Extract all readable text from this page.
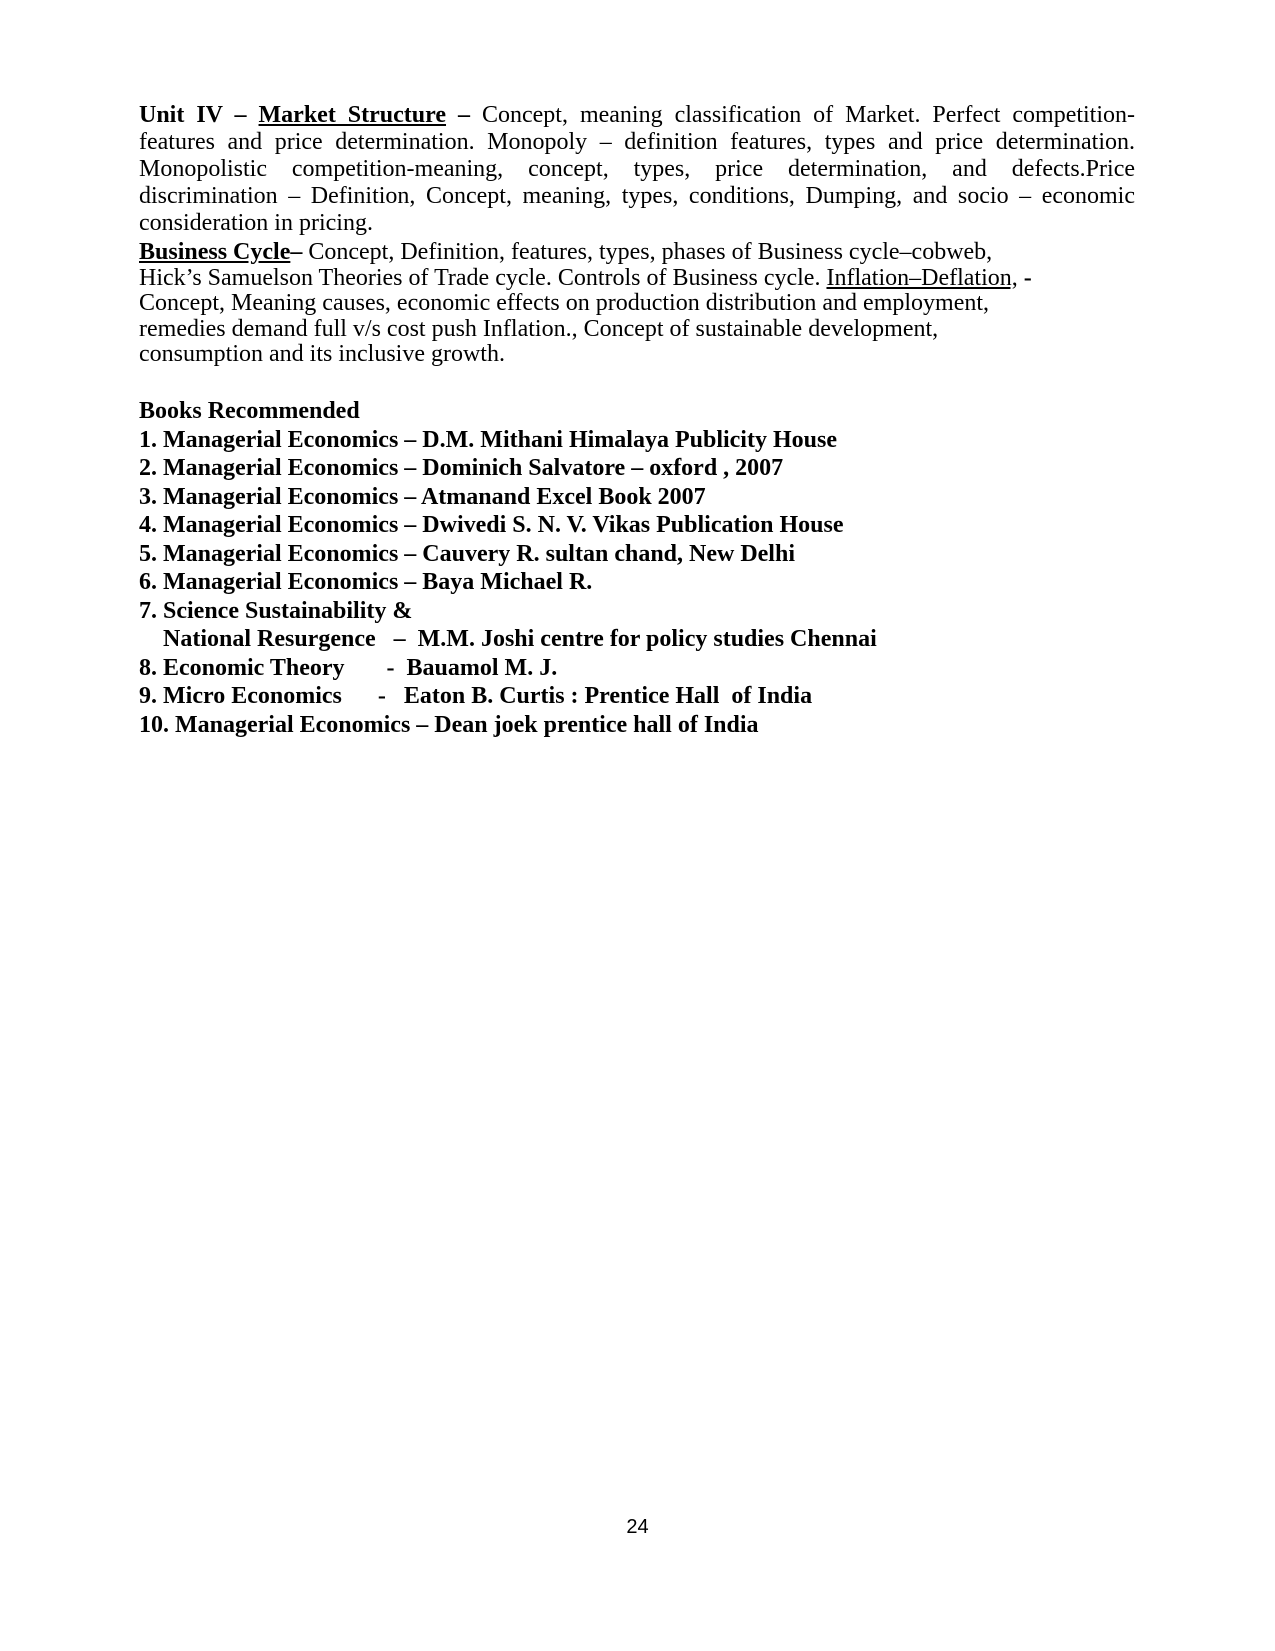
Unit IV – Market Structure – Concept, meaning classification of Market. Perfect competition-features and price determination. Monopoly – definition features, types and price determination. Monopolistic competition-meaning, concept, types, price determination, and defects.Price discrimination – Definition, Concept, meaning, types, conditions, Dumping, and socio – economic consideration in pricing.
Business Cycle– Concept, Definition, features, types, phases of Business cycle–cobweb,
Hick’s Samuelson Theories of Trade cycle. Controls of Business cycle. Inflation–Deflation, -
Concept, Meaning causes, economic effects on production distribution and employment,
remedies demand full v/s cost push Inflation., Concept of sustainable development,
consumption and its inclusive growth.
Books Recommended
1. Managerial Economics – D.M. Mithani Himalaya Publicity House
2. Managerial Economics – Dominich Salvatore – oxford , 2007
3. Managerial Economics – Atmanand Excel Book 2007
4. Managerial Economics – Dwivedi S. N. V. Vikas Publication House
5. Managerial Economics – Cauvery R. sultan chand, New Delhi
6. Managerial Economics – Baya Michael R.
7. Science Sustainability &
National Resurgence   –  M.M. Joshi centre for policy studies Chennai
8. Economic Theory       -  Bauamol M. J.
9. Micro Economics      -   Eaton B. Curtis : Prentice Hall  of India
10. Managerial Economics – Dean joek prentice hall of India
24
